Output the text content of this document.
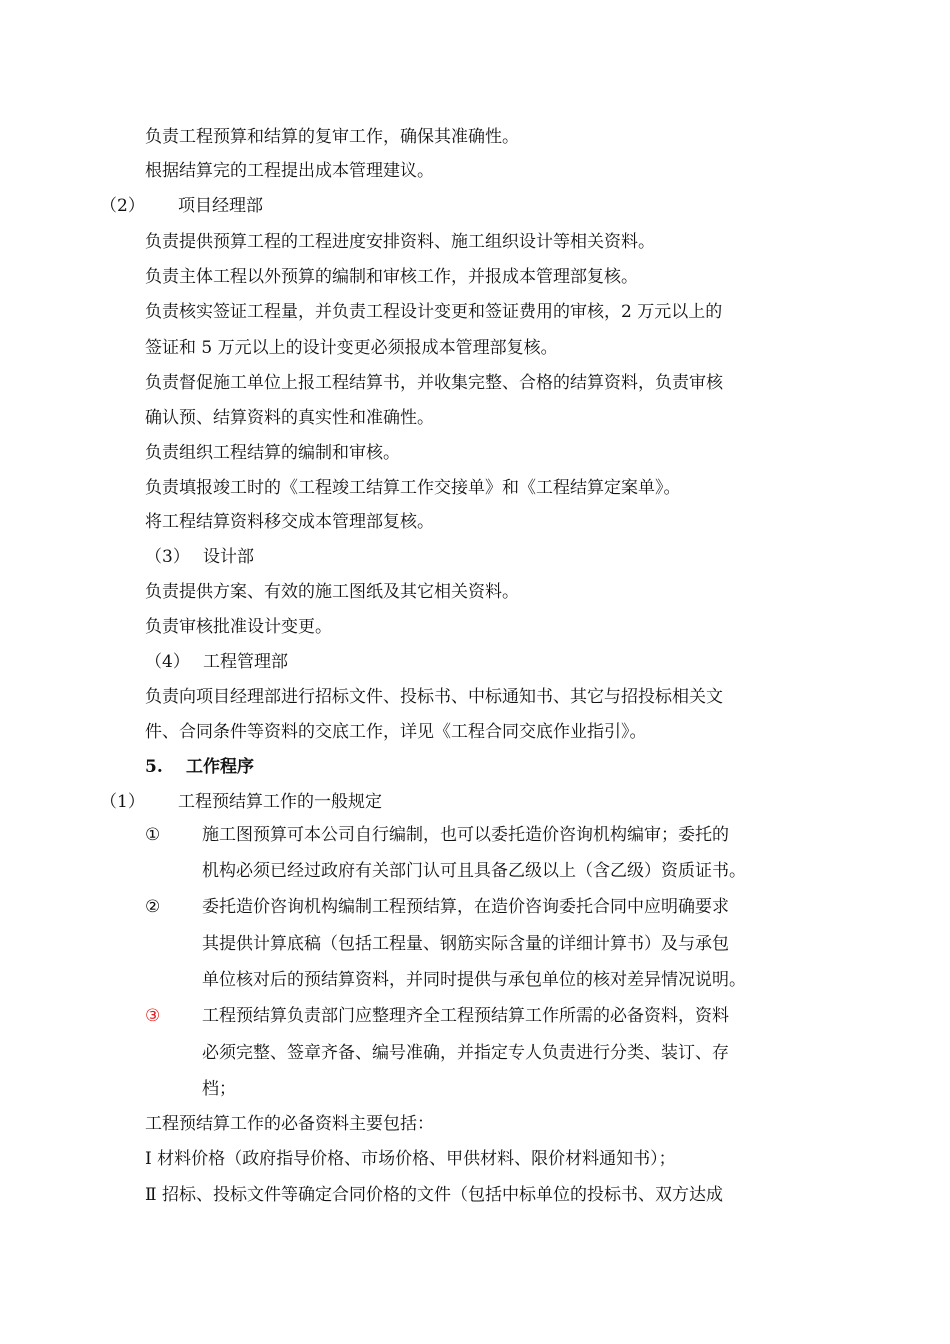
负责工程预算和结算的复审工作，确保其准确性。
根据结算完的工程提出成本管理建议。
（2） 项目经理部
负责提供预算工程的工程进度安排资料、施工组织设计等相关资料。
负责主体工程以外预算的编制和审核工作，并报成本管理部复核。
负责核实签证工程量，并负责工程设计变更和签证费用的审核，2 万元以上的
签证和 5 万元以上的设计变更必须报成本管理部复核。
负责督促施工单位上报工程结算书，并收集完整、合格的结算资料，负责审核
确认预、结算资料的真实性和准确性。
负责组织工程结算的编制和审核。
负责填报竣工时的《工程竣工结算工作交接单》和《工程结算定案单》。
将工程结算资料移交成本管理部复核。
（3） 设计部
负责提供方案、有效的施工图纸及其它相关资料。
负责审核批准设计变更。
（4） 工程管理部
负责向项目经理部进行招标文件、投标书、中标通知书、其它与招投标相关文
件、合同条件等资料的交底工作，详见《工程合同交底作业指引》。
5. 工作程序
（1） 工程预结算工作的一般规定
① 施工图预算可本公司自行编制，也可以委托造价咨询机构编审；委托的
机构必须已经过政府有关部门认可且具备乙级以上（含乙级）资质证书。
② 委托造价咨询机构编制工程预结算，在造价咨询委托合同中应明确要求
其提供计算底稿（包括工程量、钢筋实际含量的详细计算书）及与承包
单位核对后的预结算资料，并同时提供与承包单位的核对差异情况说明。
③ 工程预结算负责部门应整理齐全工程预结算工作所需的必备资料，资料
必须完整、签章齐备、编号准确，并指定专人负责进行分类、装订、存
档；
工程预结算工作的必备资料主要包括：
Ⅰ 材料价格（政府指导价格、市场价格、甲供材料、限价材料通知书）；
Ⅱ 招标、投标文件等确定合同价格的文件（包括中标单位的投标书、双方达成
